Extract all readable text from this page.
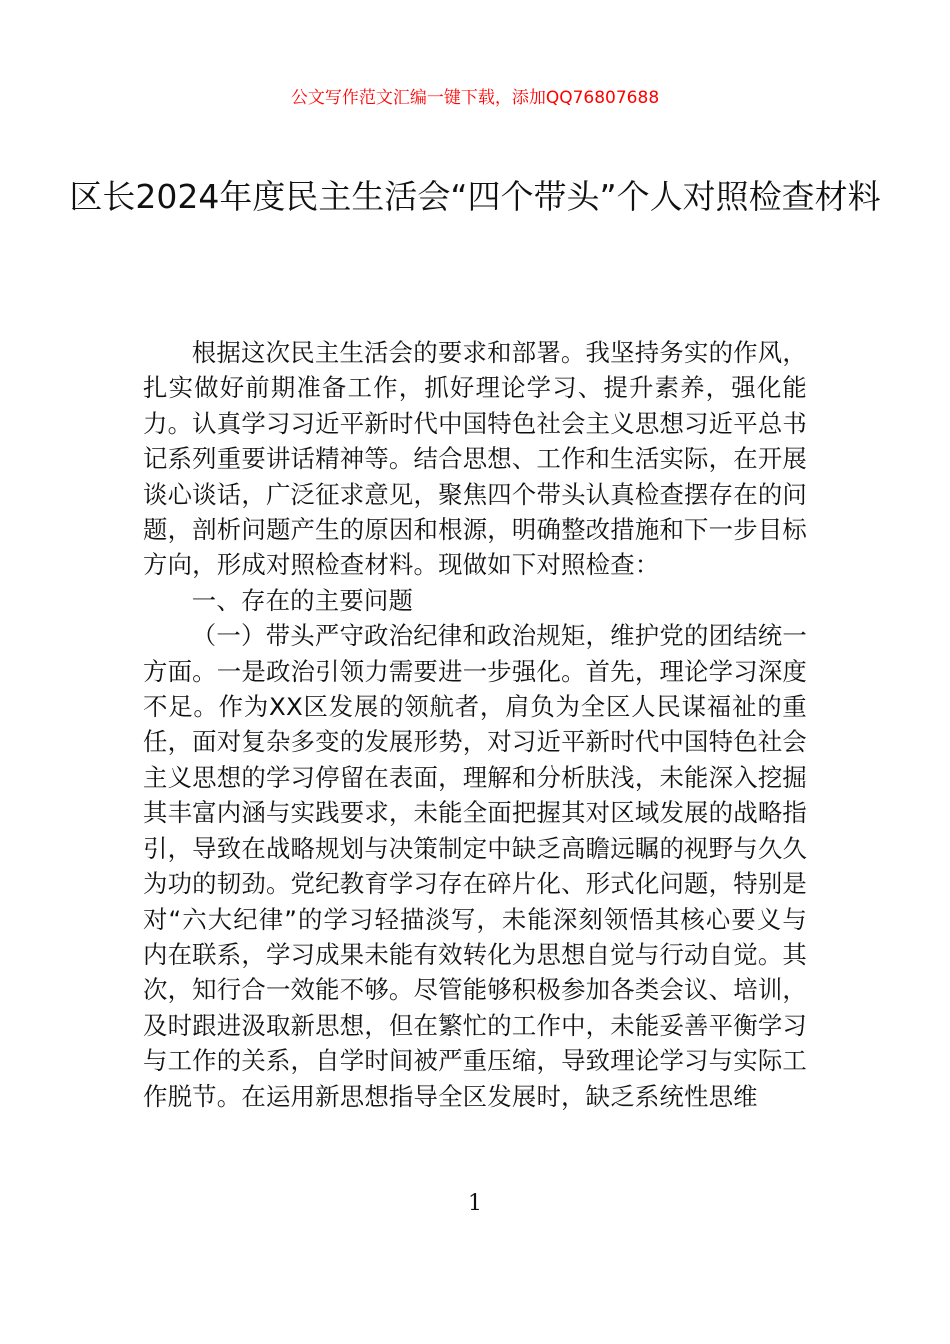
公文写作范文汇编一键下载，添加QQ76807688
区长2024年度民主生活会“四个带头”个人对照检查材料

根据这次民主生活会的要求和部署。我坚持务实的作风，扎实做好前期准备工作，抓好理论学习、提升素养，强化能力。认真学习习近平新时代中国特色社会主义思想习近平总书记系列重要讲话精神等。结合思想、工作和生活实际，在开展谈心谈话，广泛征求意见，聚焦四个带头认真检查摆存在的问题，剖析问题产生的原因和根源，明确整改措施和下一步目标方向，形成对照检查材料。现做如下对照检查：

一、存在的主要问题

（一）带头严守政治纪律和政治规矩，维护党的团结统一方面。一是政治引领力需要进一步强化。首先，理论学习深度不足。作为XX区发展的领航者，肩负为全区人民谋福祉的重任，面对复杂多变的发展形势，对习近平新时代中国特色社会主义思想的学习停留在表面，理解和分析肤浅，未能深入挖掘其丰富内涵与实践要求，未能全面把握其对区域发展的战略指引，导致在战略规划与决策制定中缺乏高瞻远瞩的视野与久久为功的韧劲。党纪教育学习存在碎片化、形式化问题，特别是对“六大纪律”的学习轻描淡写，未能深刻领悟其核心要义与内在联系，学习成果未能有效转化为思想自觉与行动自觉。其次，知行合一效能不够。尽管能够积极参加各类会议、培训，及时跟进汲取新思想，但在繁忙的工作中，未能妥善平衡学习与工作的关系，自学时间被严重压缩，导致理论学习与实际工作脱节。在运用新思想指导全区发展时，缺乏系统性思维

1
